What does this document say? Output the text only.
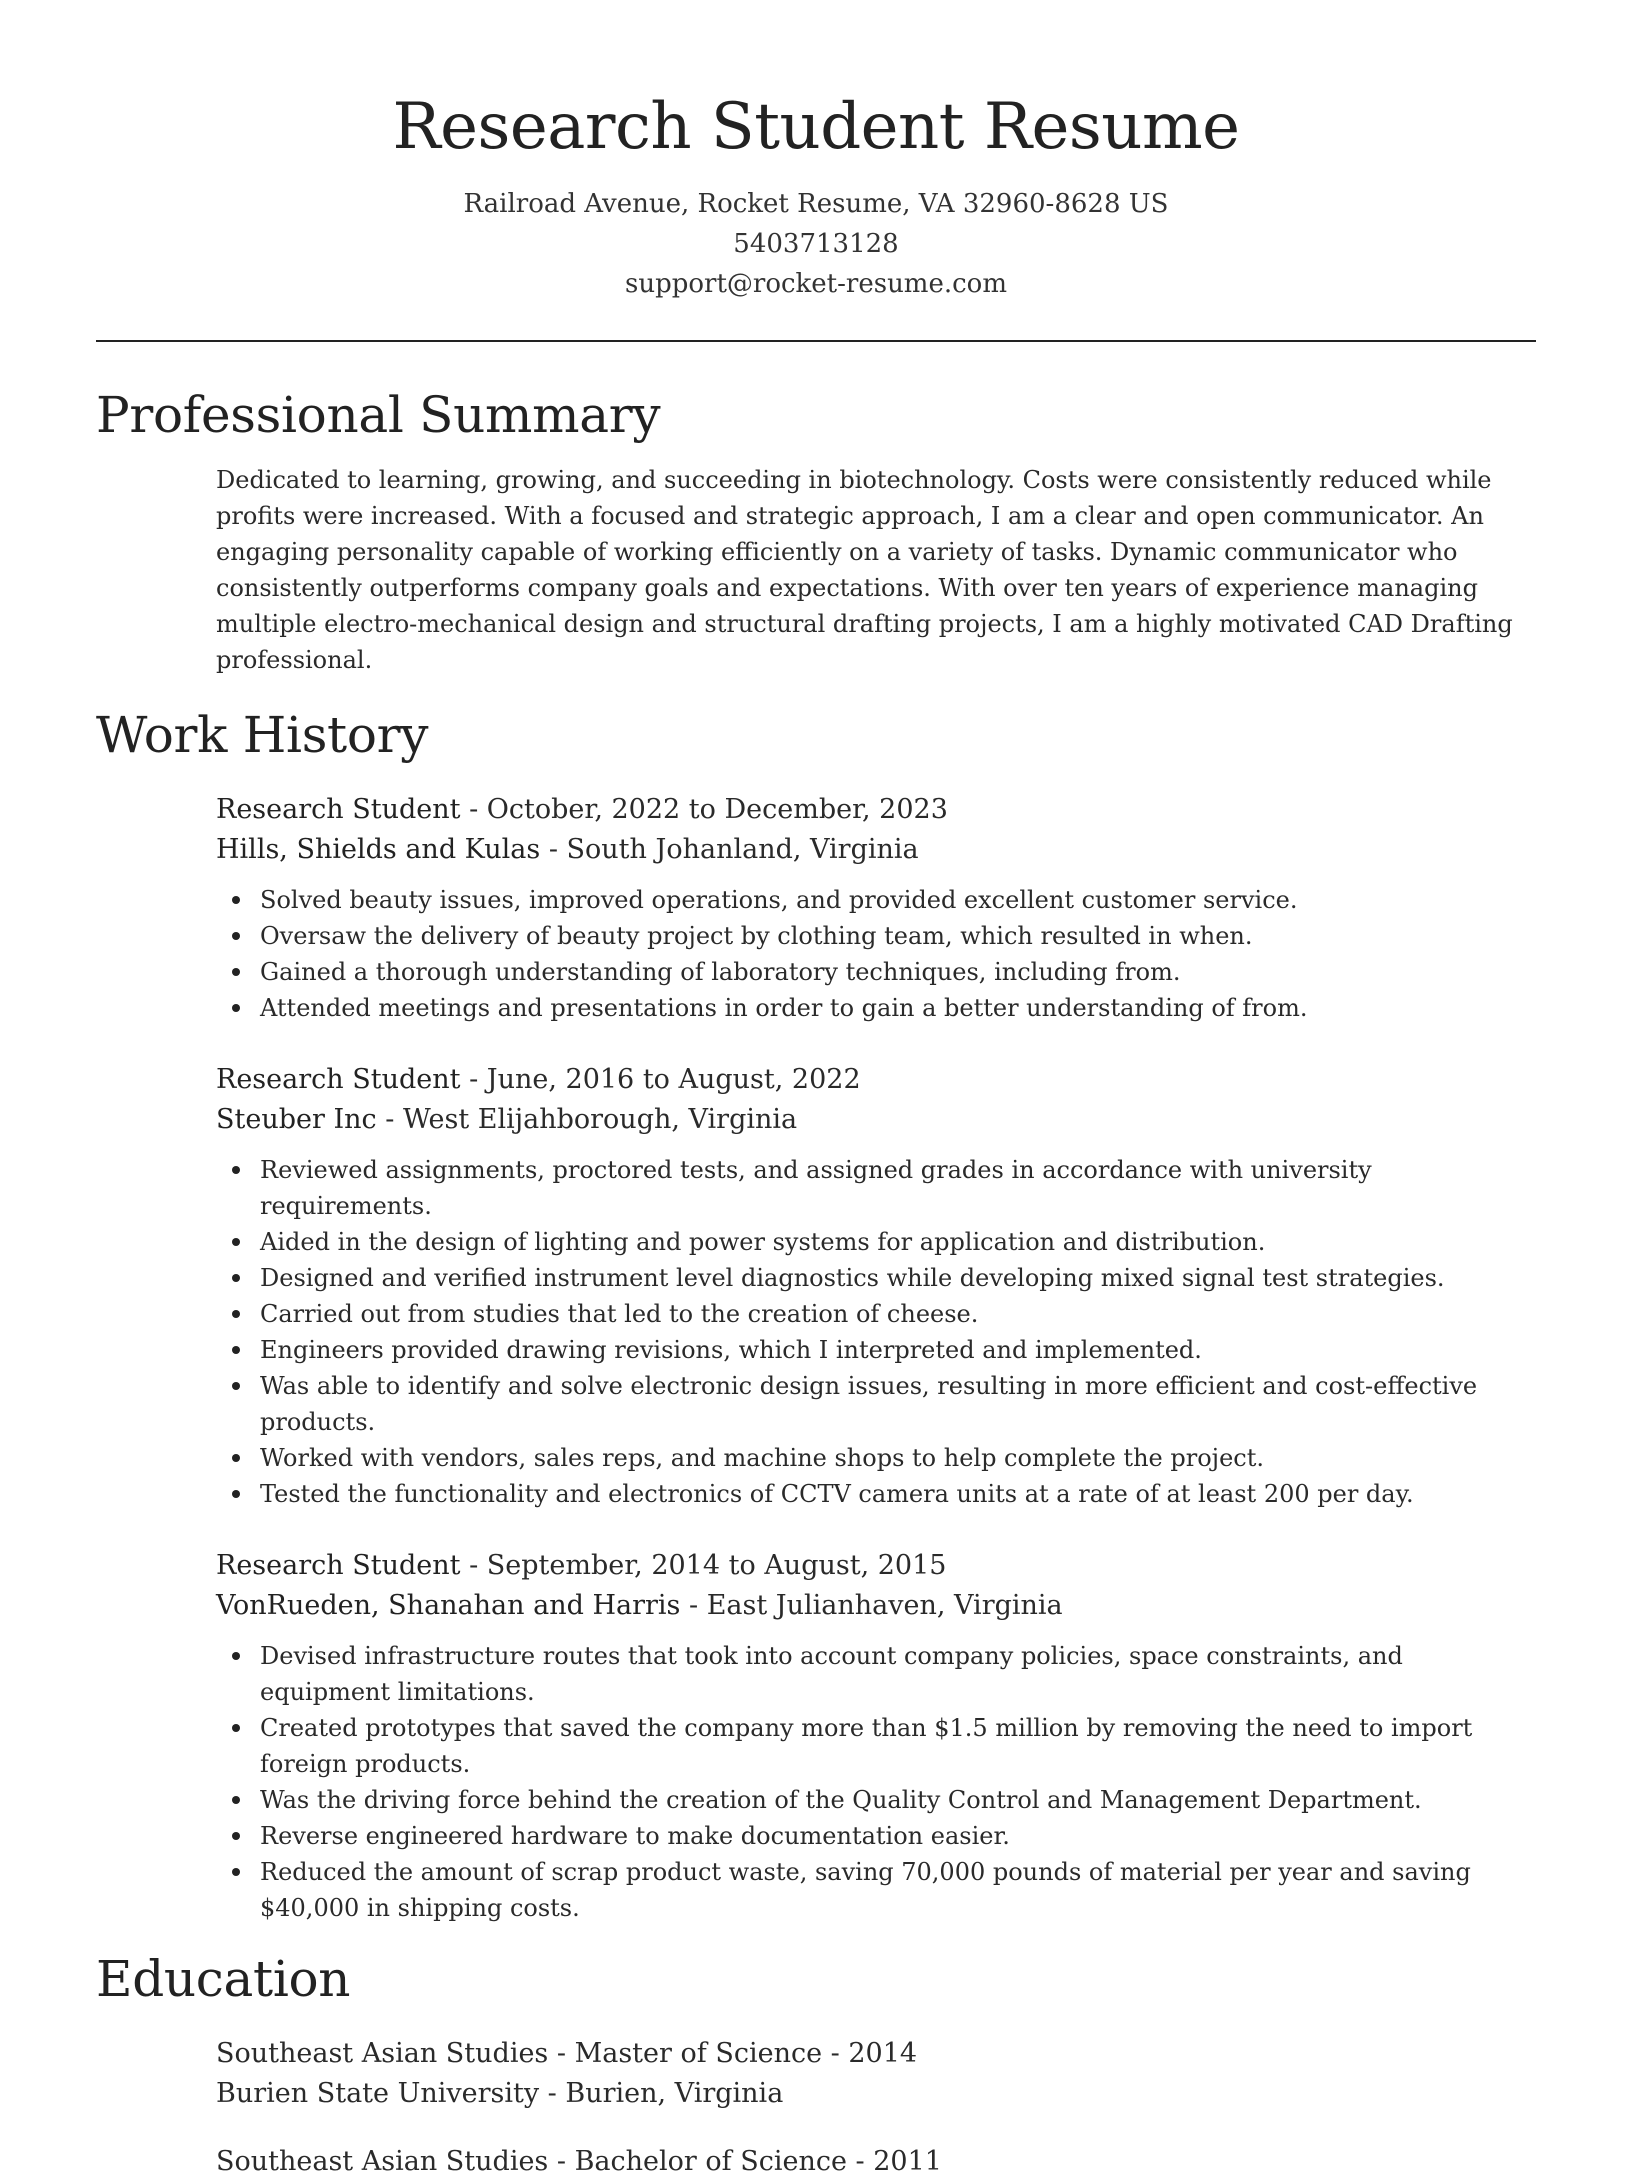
Research Student Resume
Railroad Avenue, Rocket Resume, VA 32960-8628 US
5403713128
support@rocket-resume.com
Professional Summary

Dedicated to learning, growing, and succeeding in biotechnology. Costs were consistently reduced while profits were increased. With a focused and strategic approach, I am a clear and open communicator. An engaging personality capable of working efficiently on a variety of tasks. Dynamic communicator who consistently outperforms company goals and expectations. With over ten years of experience managing multiple electro-mechanical design and structural drafting projects, I am a highly motivated CAD Drafting professional.

Work History
Research Student - October, 2022 to December, 2023
Hills, Shields and Kulas - South Johanland, Virginia
Solved beauty issues, improved operations, and provided excellent customer service.
Oversaw the delivery of beauty project by clothing team, which resulted in when.
Gained a thorough understanding of laboratory techniques, including from.
Attended meetings and presentations in order to gain a better understanding of from.
Research Student - June, 2016 to August, 2022
Steuber Inc - West Elijahborough, Virginia
Reviewed assignments, proctored tests, and assigned grades in accordance with university requirements.
Aided in the design of lighting and power systems for application and distribution.
Designed and verified instrument level diagnostics while developing mixed signal test strategies.
Carried out from studies that led to the creation of cheese.
Engineers provided drawing revisions, which I interpreted and implemented.
Was able to identify and solve electronic design issues, resulting in more efficient and cost-effective products.
Worked with vendors, sales reps, and machine shops to help complete the project.
Tested the functionality and electronics of CCTV camera units at a rate of at least 200 per day.
Research Student - September, 2014 to August, 2015
VonRueden, Shanahan and Harris - East Julianhaven, Virginia
Devised infrastructure routes that took into account company policies, space constraints, and equipment limitations.
Created prototypes that saved the company more than $1.5 million by removing the need to import foreign products.
Was the driving force behind the creation of the Quality Control and Management Department.
Reverse engineered hardware to make documentation easier.
Reduced the amount of scrap product waste, saving 70,000 pounds of material per year and saving $40,000 in shipping costs.
Education
Southeast Asian Studies - Master of Science - 2014
Burien State University - Burien, Virginia
Southeast Asian Studies - Bachelor of Science - 2011
